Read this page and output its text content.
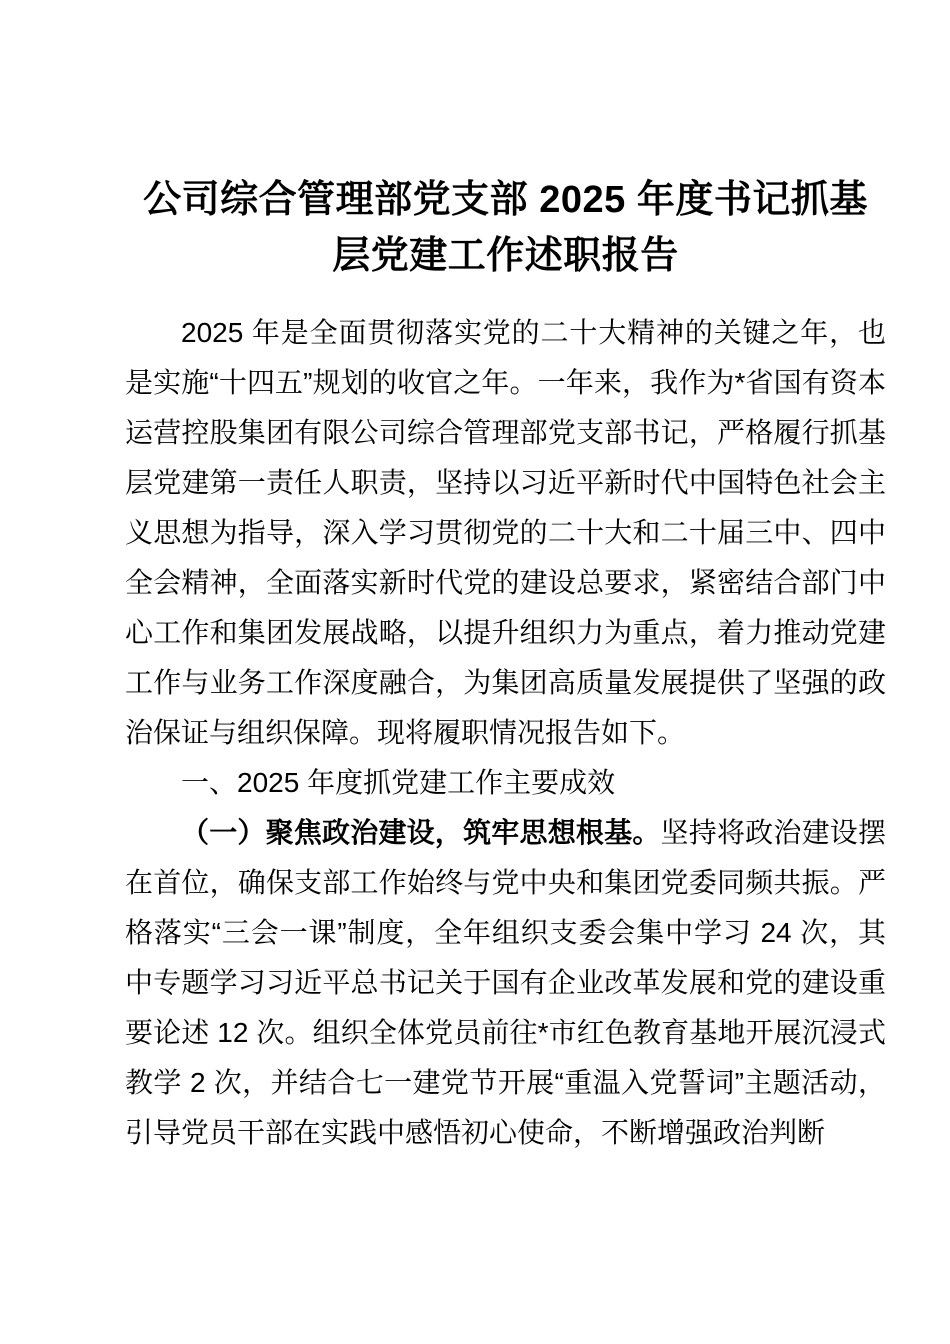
公司综合管理部党支部 2025 年度书记抓基层党建工作述职报告

2025 年是全面贯彻落实党的二十大精神的关键之年，也是实施“十四五”规划的收官之年。一年来，我作为*省国有资本运营控股集团有限公司综合管理部党支部书记，严格履行抓基层党建第一责任人职责，坚持以习近平新时代中国特色社会主义思想为指导，深入学习贯彻党的二十大和二十届三中、四中全会精神，全面落实新时代党的建设总要求，紧密结合部门中心工作和集团发展战略，以提升组织力为重点，着力推动党建工作与业务工作深度融合，为集团高质量发展提供了坚强的政治保证与组织保障。现将履职情况报告如下。

一、2025 年度抓党建工作主要成效

（一）聚焦政治建设，筑牢思想根基。坚持将政治建设摆在首位，确保支部工作始终与党中央和集团党委同频共振。严格落实“三会一课”制度，全年组织支委会集中学习 24 次，其中专题学习习近平总书记关于国有企业改革发展和党的建设重要论述 12 次。组织全体党员前往*市红色教育基地开展沉浸式教学 2 次，并结合七一建党节开展“重温入党誓词”主题活动，引导党员干部在实践中感悟初心使命，不断增强政治判断
